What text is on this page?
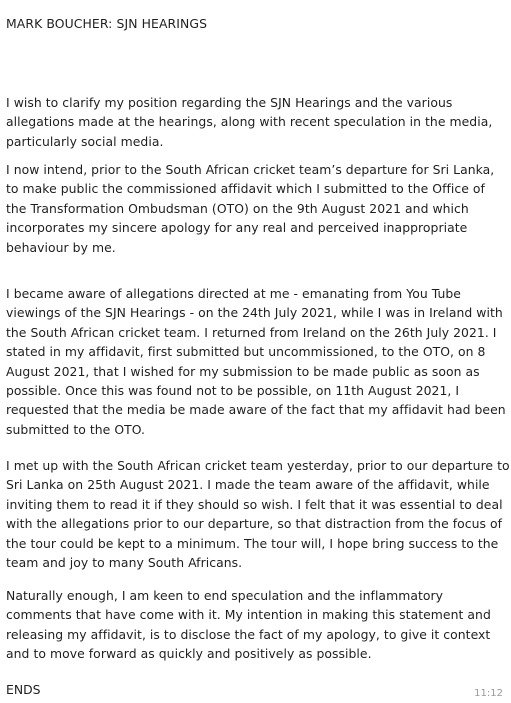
MARK BOUCHER: SJN HEARINGS

I wish to clarify my position regarding the SJN Hearings and the various
allegations made at the hearings, along with recent speculation in the media,
particularly social media.

I now intend, prior to the South African cricket team’s departure for Sri Lanka,
to make public the commissioned affidavit which I submitted to the Office of
the Transformation Ombudsman (OTO) on the 9th August 2021 and which
incorporates my sincere apology for any real and perceived inappropriate
behaviour by me.

I became aware of allegations directed at me - emanating from You Tube
viewings of the SJN Hearings - on the 24th July 2021, while I was in Ireland with
the South African cricket team. I returned from Ireland on the 26th July 2021. I
stated in my affidavit, first submitted but uncommissioned, to the OTO, on 8
August 2021, that I wished for my submission to be made public as soon as
possible. Once this was found not to be possible, on 11th August 2021, I
requested that the media be made aware of the fact that my affidavit had been
submitted to the OTO.

I met up with the South African cricket team yesterday, prior to our departure to
Sri Lanka on 25th August 2021. I made the team aware of the affidavit, while
inviting them to read it if they should so wish. I felt that it was essential to deal
with the allegations prior to our departure, so that distraction from the focus of
the tour could be kept to a minimum. The tour will, I hope bring success to the
team and joy to many South Africans.

Naturally enough, I am keen to end speculation and the inflammatory
comments that have come with it. My intention in making this statement and
releasing my affidavit, is to disclose the fact of my apology, to give it context
and to move forward as quickly and positively as possible.

ENDS	11:12
